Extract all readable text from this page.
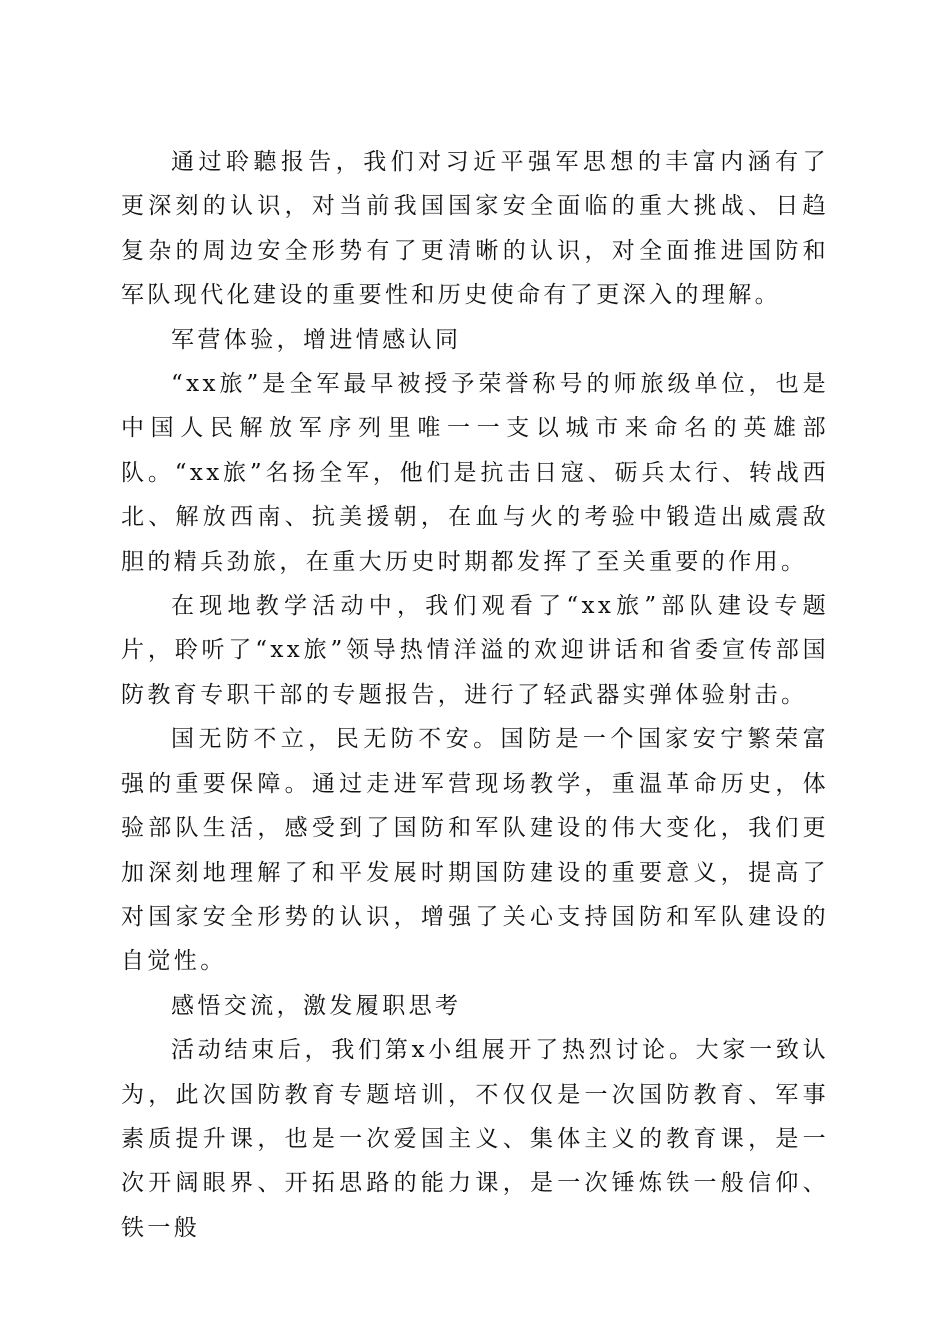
通过聆聽报告，我们对习近平强军思想的丰富内涵有了更深刻的认识，对当前我国国家安全面临的重大挑战、日趋复杂的周边安全形势有了更清晰的认识，对全面推进国防和军队现代化建设的重要性和历史使命有了更深入的理解。

军营体验，增进情感认同

“xx旅”是全军最早被授予荣誉称号的师旅级单位，也是中国人民解放军序列里唯一一支以城市来命名的英雄部队。“xx旅”名扬全军，他们是抗击日寇、砺兵太行、转战西北、解放西南、抗美援朝，在血与火的考验中锻造出威震敌胆的精兵劲旅，在重大历史时期都发挥了至关重要的作用。

在现地教学活动中，我们观看了“xx旅”部队建设专题片，聆听了“xx旅”领导热情洋溢的欢迎讲话和省委宣传部国防教育专职干部的专题报告，进行了轻武器实弹体验射击。

国无防不立，民无防不安。国防是一个国家安宁繁荣富强的重要保障。通过走进军营现场教学，重温革命历史，体验部队生活，感受到了国防和军队建设的伟大变化，我们更加深刻地理解了和平发展时期国防建设的重要意义，提高了对国家安全形势的认识，增强了关心支持国防和军队建设的自觉性。

感悟交流，激发履职思考

活动结束后，我们第x小组展开了热烈讨论。大家一致认为，此次国防教育专题培训，不仅仅是一次国防教育、军事素质提升课，也是一次爱国主义、集体主义的教育课，是一次开阔眼界、开拓思路的能力课，是一次锤炼铁一般信仰、铁一般
